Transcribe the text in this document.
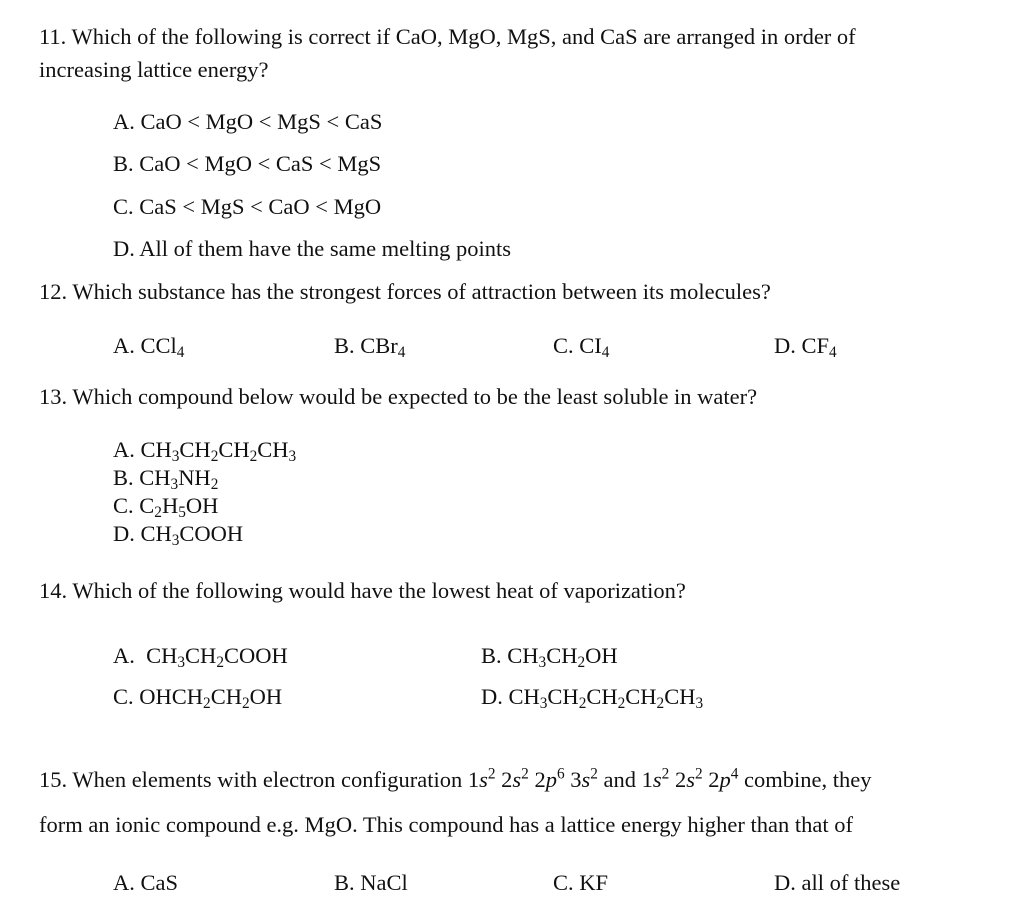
11. Which of the following is correct if CaO, MgO, MgS, and CaS are arranged in order of
increasing lattice energy?
A. CaO < MgO < MgS < CaS
B. CaO < MgO < CaS < MgS
C. CaS < MgS < CaO < MgO
D. All of them have the same melting points
12. Which substance has the strongest forces of attraction between its molecules?
A. CCl$_4$	B. CBr$_4$	C. $CI_4$	D. $CF_4$
13. Which compound below would be expected to be the least soluble in water?
A. $CH_3CH_2CH_2CH_3$
B. $CH_3NH_2$
C. $C_2H_5OH$
D. $CH_3COOH$
14. Which of the following would have the lowest heat of vaporization?
A.  $CH_3CH_2COOH$	B. $CH_3CH_2OH$
C. $OHCH_2CH_2OH$	D. $CH_3CH_2CH_2CH_2CH_3$
15. When elements with electron configuration $1s^2$ $2s^2$ $2p^6$ $3s^2$ and $1s^2$ $2s^2$ $2p^4$ combine, they
form an ionic compound e.g. MgO. This compound has a lattice energy higher than that of
A. CaS	B. NaCl	C. KF	D. all of these
